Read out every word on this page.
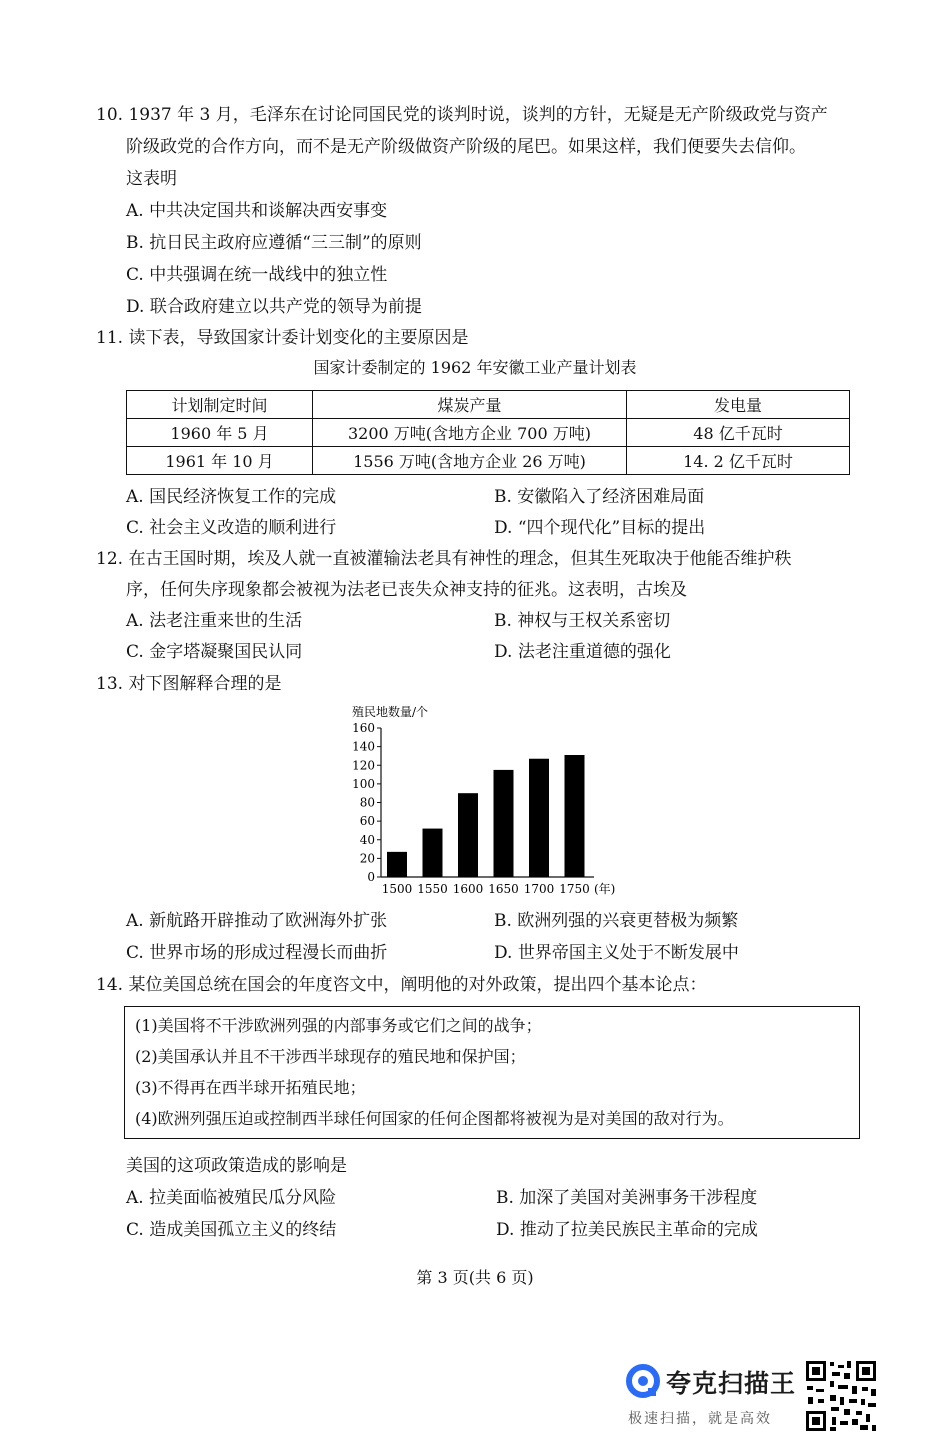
10. 1937 年 3 月，毛泽东在讨论同国民党的谈判时说，谈判的方针，无疑是无产阶级政党与资产
阶级政党的合作方向，而不是无产阶级做资产阶级的尾巴。如果这样，我们便要失去信仰。
这表明
A. 中共决定国共和谈解决西安事变
B. 抗日民主政府应遵循“三三制”的原则
C. 中共强调在统一战线中的独立性
D. 联合政府建立以共产党的领导为前提
11. 读下表，导致国家计委计划变化的主要原因是
国家计委制定的 1962 年安徽工业产量计划表
计划制定时间	煤炭产量	发电量
1960 年 5 月	3200 万吨(含地方企业 700 万吨)	48 亿千瓦时
1961 年 10 月	1556 万吨(含地方企业 26 万吨)	14. 2 亿千瓦时
A. 国民经济恢复工作的完成	B. 安徽陷入了经济困难局面
C. 社会主义改造的顺利进行	D. “四个现代化”目标的提出
12. 在古王国时期，埃及人就一直被灌输法老具有神性的理念，但其生死取决于他能否维护秩
序，任何失序现象都会被视为法老已丧失众神支持的征兆。这表明，古埃及
A. 法老注重来世的生活	B. 神权与王权关系密切
C. 金字塔凝聚国民认同	D. 法老注重道德的强化
13. 对下图解释合理的是
殖民地数量/个
0
20
40
60
80
100
120
140
160
1500 1550 1600 1650 1700 1750 (年)
A. 新航路开辟推动了欧洲海外扩张	B. 欧洲列强的兴衰更替极为频繁
C. 世界市场的形成过程漫长而曲折	D. 世界帝国主义处于不断发展中
14. 某位美国总统在国会的年度咨文中，阐明他的对外政策，提出四个基本论点：
(1)美国将不干涉欧洲列强的内部事务或它们之间的战争；
(2)美国承认并且不干涉西半球现存的殖民地和保护国；
(3)不得再在西半球开拓殖民地；
(4)欧洲列强压迫或控制西半球任何国家的任何企图都将被视为是对美国的敌对行为。
美国的这项政策造成的影响是
A. 拉美面临被殖民瓜分风险	B. 加深了美国对美洲事务干涉程度
C. 造成美国孤立主义的终结	D. 推动了拉美民族民主革命的完成
第 3 页(共 6 页)
夸克扫描王
极速扫描，就是高效
